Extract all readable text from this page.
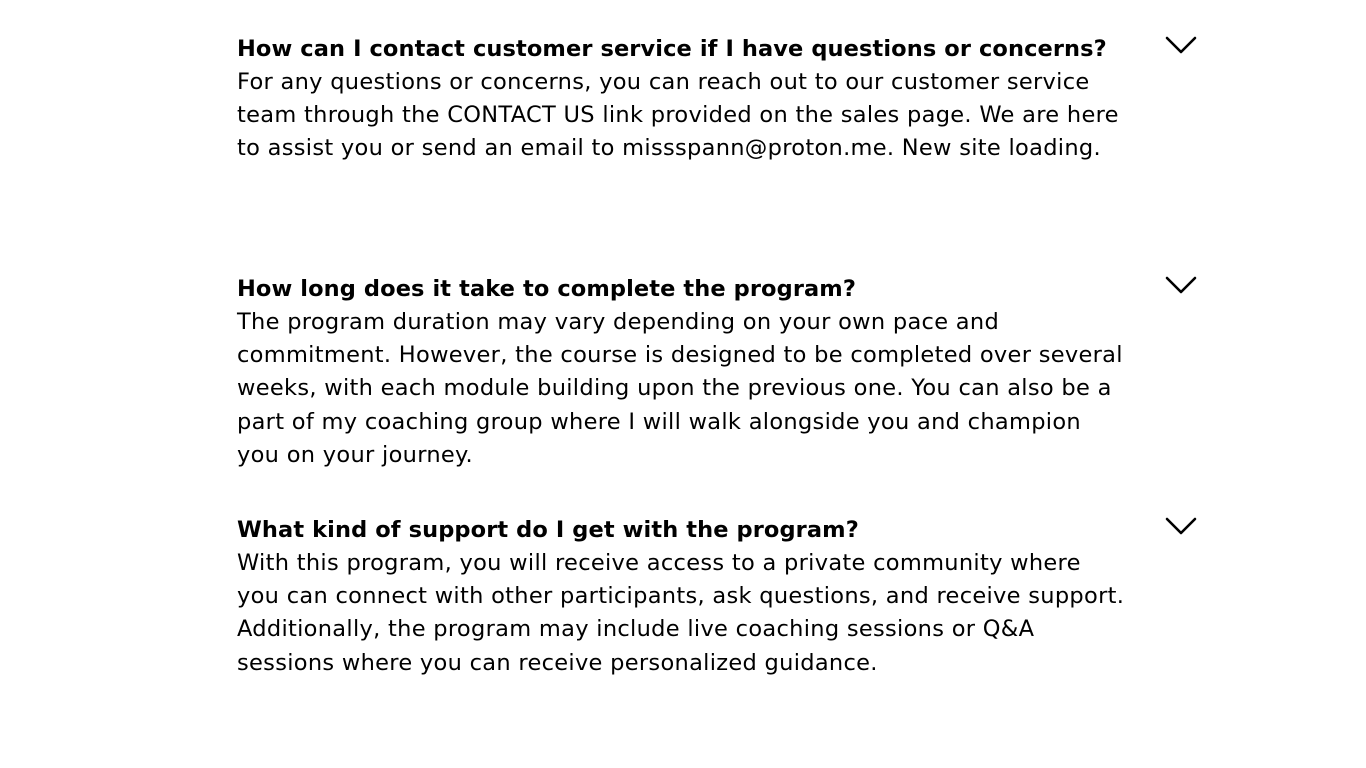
How can I contact customer service if I have questions or concerns?

For any questions or concerns, you can reach out to our customer service team through the CONTACT US link provided on the sales page. We are here to assist you or send an email to missspann@proton.me. New site loading.

How long does it take to complete the program?

The program duration may vary depending on your own pace and commitment. However, the course is designed to be completed over several weeks, with each module building upon the previous one. You can also be a part of my coaching group where I will walk alongside you and champion you on your journey.

What kind of support do I get with the program?

With this program, you will receive access to a private community where you can connect with other participants, ask questions, and receive support. Additionally, the program may include live coaching sessions or Q&A sessions where you can receive personalized guidance.
